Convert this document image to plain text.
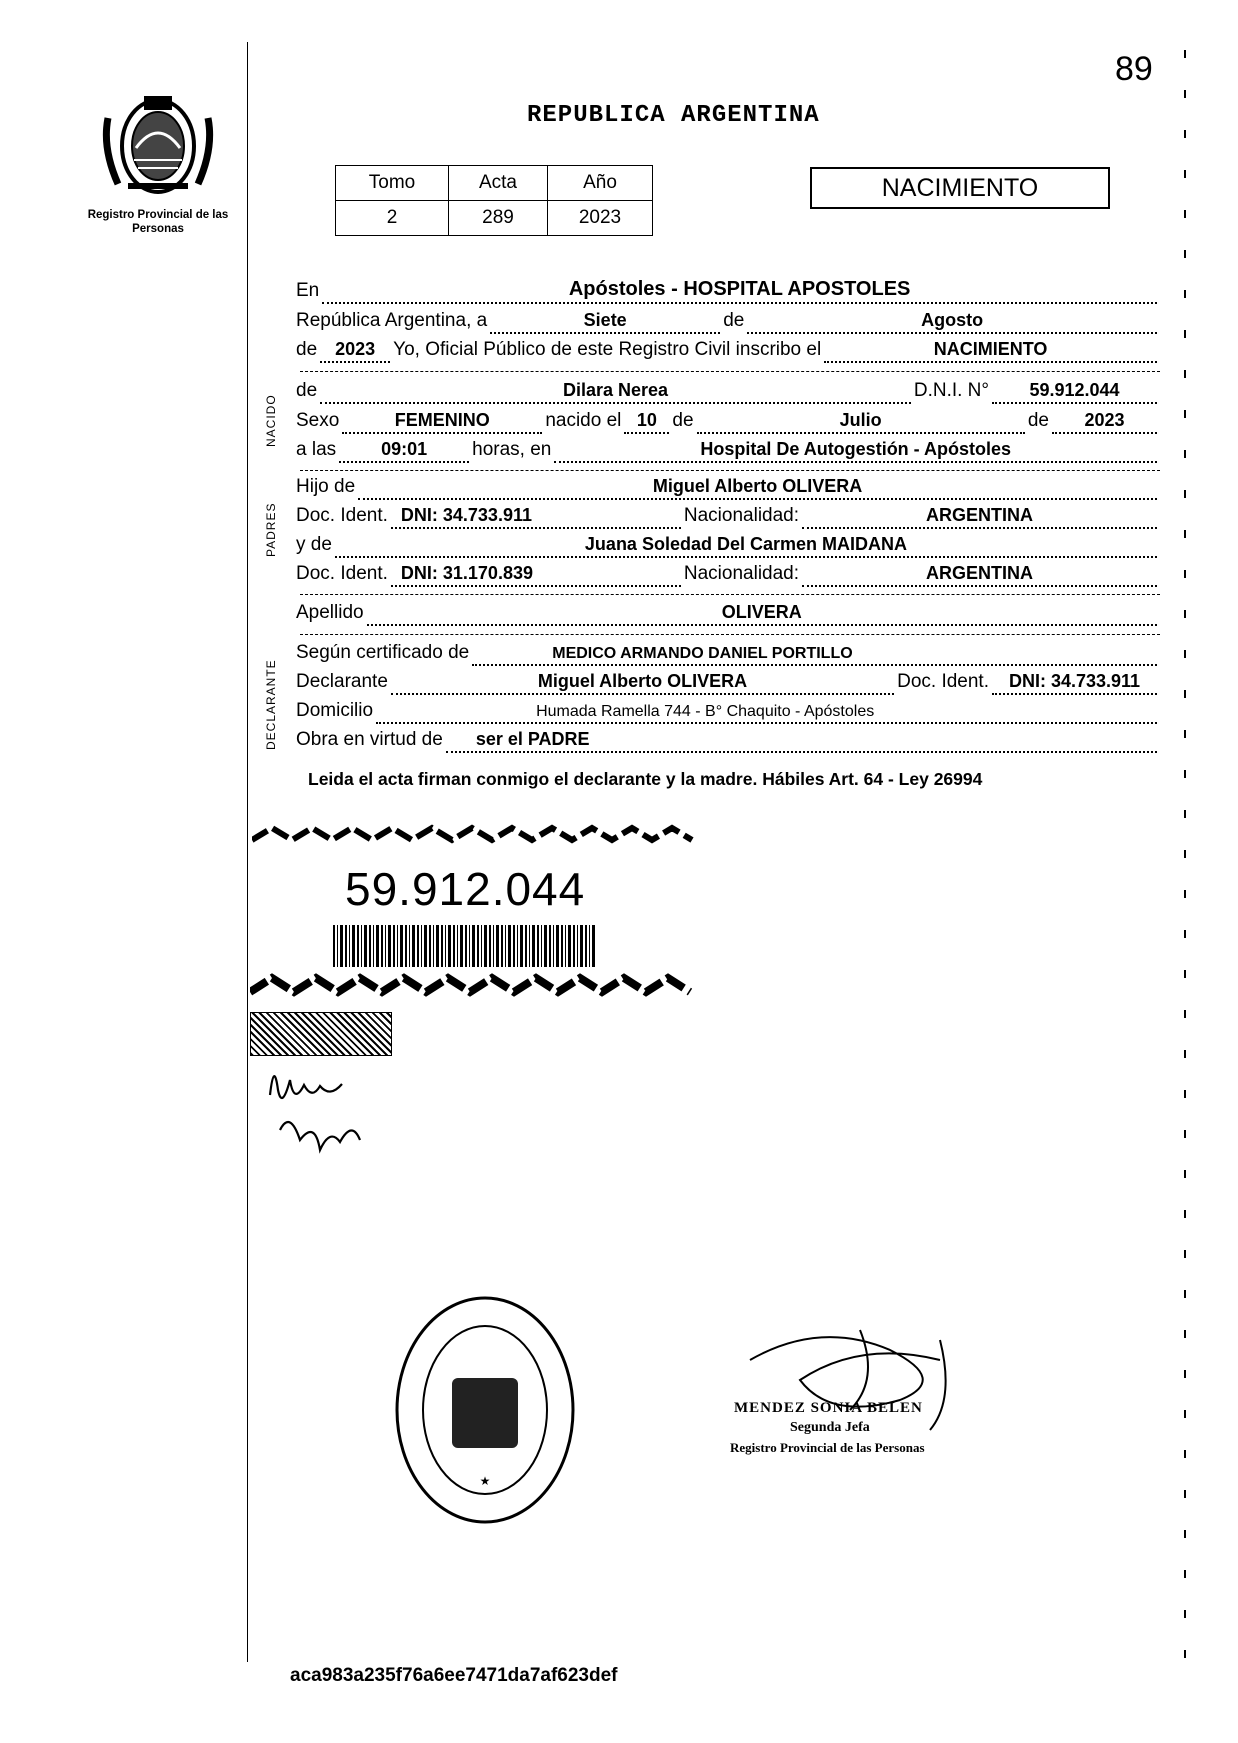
89
Registro Provincial de las Personas
REPUBLICA ARGENTINA
Tomo	Acta	Año
2	289	2023
NACIMIENTO
En	Apóstoles - HOSPITAL APOSTOLES
República Argentina, a	Siete	de	Agosto
de 2023 Yo, Oficial Público de este Registro Civil inscribo el	NACIMIENTO
NACIDO
de	Dilara Nerea	D.N.I. N°	59.912.044
Sexo	FEMENINO	nacido el 10 de	Julio	de	2023
a las	09:01	horas, en	Hospital De Autogestión - Apóstoles
PADRES
Hijo de	Miguel Alberto OLIVERA
Doc. Ident. DNI: 34.733.911	Nacionalidad:	ARGENTINA
y de	Juana Soledad Del Carmen MAIDANA
Doc. Ident. DNI: 31.170.839	Nacionalidad:	ARGENTINA
Apellido	OLIVERA
DECLARANTE
Según certificado de	MEDICO ARMANDO DANIEL PORTILLO
Declarante	Miguel Alberto OLIVERA	Doc. Ident.	DNI: 34.733.911
Domicilio	Humada Ramella 744 - B° Chaquito - Apóstoles
Obra en virtud de ser el PADRE
Leida el acta firman conmigo el declarante y la madre. Hábiles Art. 64 - Ley 26994
59.912.044
★
MENDEZ SONIA BELEN
Segunda Jefa
Registro Provincial de las Personas
aca983a235f76a6ee7471da7af623def
